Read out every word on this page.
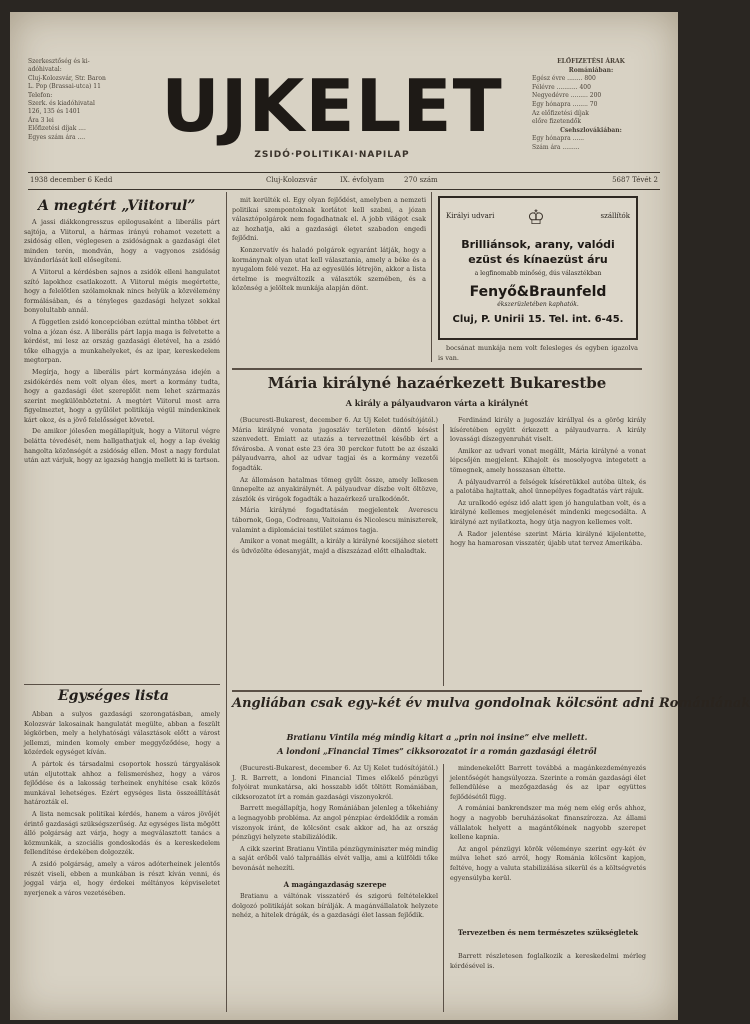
Szerkesztőség és ki-
adóhivatal:
Cluj-Kolozsvár, Str. Baron
L. Pop (Brassai-utca) 11
Telefon:
Szerk. és kiadóhivatal
126, 135 és 1401
Ára 3 lei
Előfizetési díjak ....
Egyes szám ára ....	UJKELET
ZSIDÓ·POLITIKAI·NAPILAP
ELŐFIZETÉSI ÁRAK
Romániában:
Egész évre ........ 800
Félévre ........... 400
Negyedévre ......... 200
Egy hónapra ........ 70
Az előfizetési díjak
előre fizetendők
Csehszlovákiában:
Egy hónapra ......
Szám ára .........
1938 december 6 Kedd	Cluj-Kolozsvár	IX. évfolyam	270 szám	5687 Tévét 2
A megtért „Viitorul”

A jassi diákkongresszus epilogusaként a liberális párt sajtója, a Viitorul, a hármas irányú rohamot vezetett a zsidóság ellen, véglegesen a zsidóságnak a gazdasági élet minden terén, mondván, hogy a vagyonos zsidóság kivándorlását kell elősegíteni.

A Viitorul a kérdésben sajnos a zsidók elleni hangulatot szító lapokhoz csatlakozott. A Viitorul mégis megértette, hogy a felelőtlen szólamoknak nincs helyük a közvélemény formálásában, és a tényleges gazdasági helyzet sokkal bonyolultabb annál.

A független zsidó koncepcióban ezúttal mintha többet ért volna a józan ész. A liberális párt lapja maga is felvetette a kérdést, mi lesz az ország gazdasági életével, ha a zsidó tőke elhagyja a munkahelyeket, és az ipar, kereskedelem megtorpan.

Megírja, hogy a liberális párt kormányzása idején a zsidókérdés nem volt olyan éles, mert a kormány tudta, hogy a gazdasági élet szereplőit nem lehet származás szerint megkülönböztetni. A megtért Viitorul most arra figyelmeztet, hogy a gyűlölet politikája végül mindenkinek kárt okoz, és a jövő felelősséget követel.

De amikor jólesően megállapítjuk, hogy a Viitorul végre belátta tévedését, nem hallgathatjuk el, hogy a lap évekig hangolta közönségét a zsidóság ellen. Most a nagy fordulat után azt várjuk, hogy az igazság hangja mellett ki is tartson.

Egységes lista

Abban a sulyos gazdasági szorongatásban, amely Kolozsvár lakosainak hangulatát megülte, abban a feszült légkörben, mely a helyhatósági választások előtt a várost jellemzi, minden komoly ember meggyőződése, hogy a közérdek egységet kíván.

A pártok és társadalmi csoportok hosszú tárgyalások után eljutottak ahhoz a felismeréshez, hogy a város fejlődése és a lakosság terheinek enyhítése csak közös munkával lehetséges. Ezért egységes lista összeállítását határozták el.

A lista nemcsak politikai kérdés, hanem a város jövőjét érintő gazdasági szükségszerűség. Az egységes lista mögött álló polgárság azt várja, hogy a megválasztott tanács a közmunkák, a szociális gondoskodás és a kereskedelem fellendítése érdekében dolgozzék.

A zsidó polgárság, amely a város adóterheinek jelentős részét viseli, ebben a munkában is részt kíván venni, és joggal várja el, hogy érdekei méltányos képviseletet nyerjenek a város vezetésében.

mit kerülték el. Egy olyan fejlődést, amelyben a nemzeti politikai szempontoknak korlátot kell szabni, a józan választópolgárok nem fogadhatnak el. A jobb világot csak az hozhatja, aki a gazdasági életet szabadon engedi fejlődni.

Konzervatív és haladó polgárok egyaránt látják, hogy a kormánynak olyan utat kell választania, amely a béke és a nyugalom felé vezet. Ha az egyesülés létrejön, akkor a lista értelme is megváltozik a választók szemében, és a közönség a jelöltek munkája alapján dönt.

Királyi udvari ♔	szállítók
Brilliánsok, arany, valódi
ezüst és kínaezüst áru
a legfinomabb minőség, dús választékban
Fenyő&Braunfeld
ékszerüzletében kaphatók.
Cluj, P. Unirii 15. Tel. int. 6-45.

bocsánat munkája nem volt felesleges és egyben igazolva is van.

Mária királyné hazaérkezett Bukarestbe
A király a pályaudvaron várta a királynét

(Bucuresti-Bukarest, december 6. Az Uj Kelet tudósítójától.) Mária királyné vonata jugoszláv területen döntő késést szenvedett. Emiatt az utazás a tervezettnél később ért a fővárosba. A vonat este 23 óra 30 perckor futott be az északi pályaudvarra, ahol az udvar tagjai és a kormány vezetői fogadták.

Az állomáson hatalmas tömeg gyűlt össze, amely lelkesen ünnepelte az anyakirálynét. A pályaudvar díszbe volt öltözve, zászlók és virágok fogadták a hazaérkező uralkodónőt.

Mária királyné fogadtatásán megjelentek Averescu tábornok, Goga, Codreanu, Vaitoianu és Nicolescu miniszterek, valamint a diplomáciai testület számos tagja.

Amikor a vonat megállt, a király a királyné kocsijához sietett és üdvözölte édesanyját, majd a díszszázad előtt elhaladtak.

Ferdinánd király a jugoszláv királlyal és a görög király kíséretében együtt érkezett a pályaudvarra. A király lovassági díszegyenruhát viselt.

Amikor az udvari vonat megállt, Mária királyné a vonat lépcsőjén megjelent. Kihajolt és mosolyogva integetett a tömegnek, amely hosszasan éltette.

A pályaudvarról a felségek kíséretükkel autóba ültek, és a palotába hajtattak, ahol ünnepélyes fogadtatás várt rájuk.

Az uralkodó egész idő alatt igen jó hangulatban volt, és a királyné kellemes megjelenését mindenki megcsodálta. A királyné azt nyilatkozta, hogy útja nagyon kellemes volt.

A Rador jelentése szerint Mária királyné kijelentette, hogy ha hamarosan visszatér, újabb utat tervez Amerikába.

Angliában csak egy-két év mulva gondolnak kölcsönt adni Romániának
Bratianu Vintila még mindig kitart a „prin noi insine” elve mellett.
A londoni „Financial Times” cikksorozatot ir a román gazdasági életről

(Bucuresti-Bukarest, december 6. Az Uj Kelet tudósítójától.) J. R. Barrett, a londoni Financial Times előkelő pénzügyi folyóirat munkatársa, aki hosszabb időt töltött Romániában, cikksorozatot írt a román gazdasági viszonyokról.

Barrett megállapítja, hogy Romániában jelenleg a tőkehiány a legnagyobb probléma. Az angol pénzpiac érdeklődik a román viszonyok iránt, de kölcsönt csak akkor ad, ha az ország pénzügyi helyzete stabilizálódik.

A cikk szerint Bratianu Vintila pénzügyminiszter még mindig a saját erőből való talpraállás elvét vallja, ami a külföldi tőke bevonását nehezíti.

A magángazdaság szerepe

Bratianu a váltónak visszatérő és szigorú feltételekkel dolgozó politikáját sokan bírálják. A magánvállalatok helyzete nehéz, a hitelek drágák, és a gazdasági élet lassan fejlődik.

mindenekelőtt Barrett továbbá a magánkezdeményezés jelentőségét hangsúlyozza. Szerinte a román gazdasági élet fellendülése a mezőgazdaság és az ipar együttes fejlődésétől függ.

A romániai bankrendszer ma még nem elég erős ahhoz, hogy a nagyobb beruházásokat finanszírozza. Az állami vállalatok helyett a magántőkének nagyobb szerepet kellene kapnia.

Az angol pénzügyi körök véleménye szerint egy-két év múlva lehet szó arról, hogy Románia kölcsönt kapjon, feltéve, hogy a valuta stabilizálása sikerül és a költségvetés egyensúlyba kerül.

Tervezetben és nem természetes szükségletek

Barrett részletesen foglalkozik a kereskedelmi mérleg kérdésével is.
